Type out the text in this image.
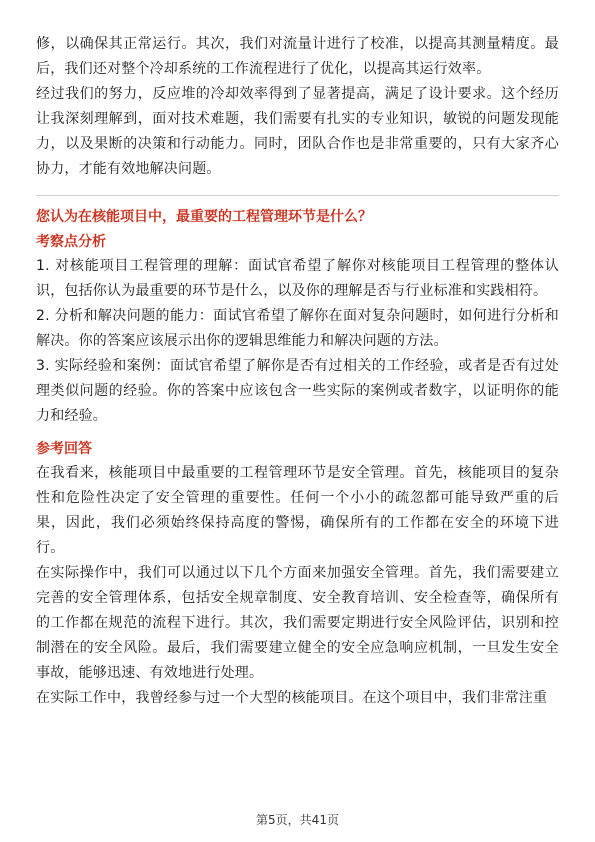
修，以确保其正常运行。其次，我们对流量计进行了校准，以提高其测量精度。最后，我们还对整个冷却系统的工作流程进行了优化，以提高其运行效率。

经过我们的努力，反应堆的冷却效率得到了显著提高，满足了设计要求。这个经历让我深刻理解到，面对技术难题，我们需要有扎实的专业知识，敏锐的问题发现能力，以及果断的决策和行动能力。同时，团队合作也是非常重要的，只有大家齐心协力，才能有效地解决问题。

您认为在核能项目中，最重要的工程管理环节是什么？

考察点分析

1. 对核能项目工程管理的理解：面试官希望了解你对核能项目工程管理的整体认识，包括你认为最重要的环节是什么，以及你的理解是否与行业标准和实践相符。

2. 分析和解决问题的能力：面试官希望了解你在面对复杂问题时，如何进行分析和解决。你的答案应该展示出你的逻辑思维能力和解决问题的方法。

3. 实际经验和案例：面试官希望了解你是否有过相关的工作经验，或者是否有过处理类似问题的经验。你的答案中应该包含一些实际的案例或者数字，以证明你的能力和经验。

参考回答

在我看来，核能项目中最重要的工程管理环节是安全管理。首先，核能项目的复杂性和危险性决定了安全管理的重要性。任何一个小小的疏忽都可能导致严重的后果，因此，我们必须始终保持高度的警惕，确保所有的工作都在安全的环境下进行。

在实际操作中，我们可以通过以下几个方面来加强安全管理。首先，我们需要建立完善的安全管理体系，包括安全规章制度、安全教育培训、安全检查等，确保所有的工作都在规范的流程下进行。其次，我们需要定期进行安全风险评估，识别和控制潜在的安全风险。最后，我们需要建立健全的安全应急响应机制，一旦发生安全事故，能够迅速、有效地进行处理。

在实际工作中，我曾经参与过一个大型的核能项目。在这个项目中，我们非常注重

第5页，共41页
